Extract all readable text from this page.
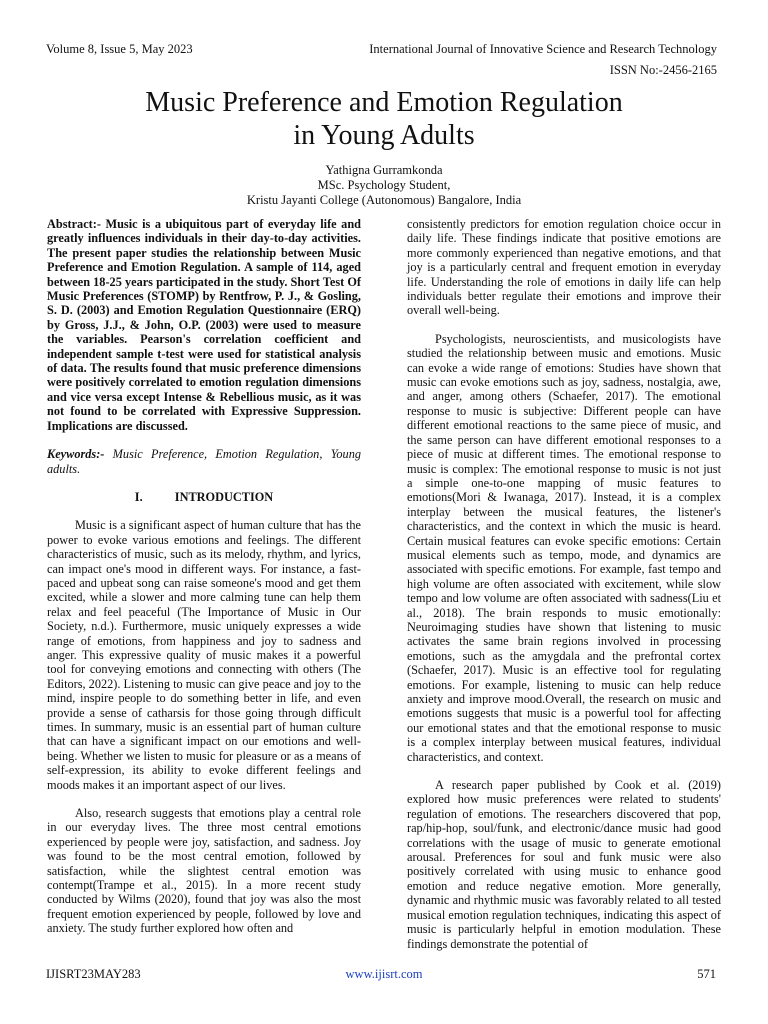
Volume 8, Issue 5, May 2023	International Journal of Innovative Science and Research Technology
ISSN No:-2456-2165
Music Preference and Emotion Regulation
in Young Adults
Yathigna Gurramkonda
MSc. Psychology Student,
Kristu Jayanti College (Autonomous) Bangalore, India

Abstract:- Music is a ubiquitous part of everyday life and greatly influences individuals in their day-to-day activities. The present paper studies the relationship between Music Preference and Emotion Regulation. A sample of 114, aged between 18-25 years participated in the study. Short Test Of Music Preferences (STOMP) by Rentfrow, P. J., & Gosling, S. D. (2003) and Emotion Regulation Questionnaire (ERQ) by Gross, J.J., & John, O.P. (2003) were used to measure the variables. Pearson's correlation coefficient and independent sample t-test were used for statistical analysis of data. The results found that music preference dimensions were positively correlated to emotion regulation dimensions and vice versa except Intense & Rebellious music, as it was not found to be correlated with Expressive Suppression. Implications are discussed.

Keywords:- Music Preference, Emotion Regulation, Young adults.

I.	INTRODUCTION

Music is a significant aspect of human culture that has the power to evoke various emotions and feelings. The different characteristics of music, such as its melody, rhythm, and lyrics, can impact one's mood in different ways. For instance, a fast-paced and upbeat song can raise someone's mood and get them excited, while a slower and more calming tune can help them relax and feel peaceful (The Importance of Music in Our Society, n.d.). Furthermore, music uniquely expresses a wide range of emotions, from happiness and joy to sadness and anger. This expressive quality of music makes it a powerful tool for conveying emotions and connecting with others (The Editors, 2022). Listening to music can give peace and joy to the mind, inspire people to do something better in life, and even provide a sense of catharsis for those going through difficult times. In summary, music is an essential part of human culture that can have a significant impact on our emotions and well-being. Whether we listen to music for pleasure or as a means of self-expression, its ability to evoke different feelings and moods makes it an important aspect of our lives.

Also, research suggests that emotions play a central role in our everyday lives. The three most central emotions experienced by people were joy, satisfaction, and sadness. Joy was found to be the most central emotion, followed by satisfaction, while the slightest central emotion was contempt(Trampe et al., 2015). In a more recent study conducted by Wilms (2020), found that joy was also the most frequent emotion experienced by people, followed by love and anxiety. The study further explored how often and

consistently predictors for emotion regulation choice occur in daily life. These findings indicate that positive emotions are more commonly experienced than negative emotions, and that joy is a particularly central and frequent emotion in everyday life. Understanding the role of emotions in daily life can help individuals better regulate their emotions and improve their overall well-being.

Psychologists, neuroscientists, and musicologists have studied the relationship between music and emotions. Music can evoke a wide range of emotions: Studies have shown that music can evoke emotions such as joy, sadness, nostalgia, awe, and anger, among others (Schaefer, 2017). The emotional response to music is subjective: Different people can have different emotional reactions to the same piece of music, and the same person can have different emotional responses to a piece of music at different times. The emotional response to music is complex: The emotional response to music is not just a simple one-to-one mapping of music features to emotions(Mori & Iwanaga, 2017). Instead, it is a complex interplay between the musical features, the listener's characteristics, and the context in which the music is heard. Certain musical features can evoke specific emotions: Certain musical elements such as tempo, mode, and dynamics are associated with specific emotions. For example, fast tempo and high volume are often associated with excitement, while slow tempo and low volume are often associated with sadness(Liu et al., 2018). The brain responds to music emotionally: Neuroimaging studies have shown that listening to music activates the same brain regions involved in processing emotions, such as the amygdala and the prefrontal cortex (Schaefer, 2017). Music is an effective tool for regulating emotions. For example, listening to music can help reduce anxiety and improve mood.Overall, the research on music and emotions suggests that music is a powerful tool for affecting our emotional states and that the emotional response to music is a complex interplay between musical features, individual characteristics, and context.

A research paper published by Cook et al. (2019) explored how music preferences were related to students' regulation of emotions. The researchers discovered that pop, rap/hip-hop, soul/funk, and electronic/dance music had good correlations with the usage of music to generate emotional arousal. Preferences for soul and funk music were also positively correlated with using music to enhance good emotion and reduce negative emotion. More generally, dynamic and rhythmic music was favorably related to all tested musical emotion regulation techniques, indicating this aspect of music is particularly helpful in emotion modulation. These findings demonstrate the potential of

IJISRT23MAY283	www.ijisrt.com	571
